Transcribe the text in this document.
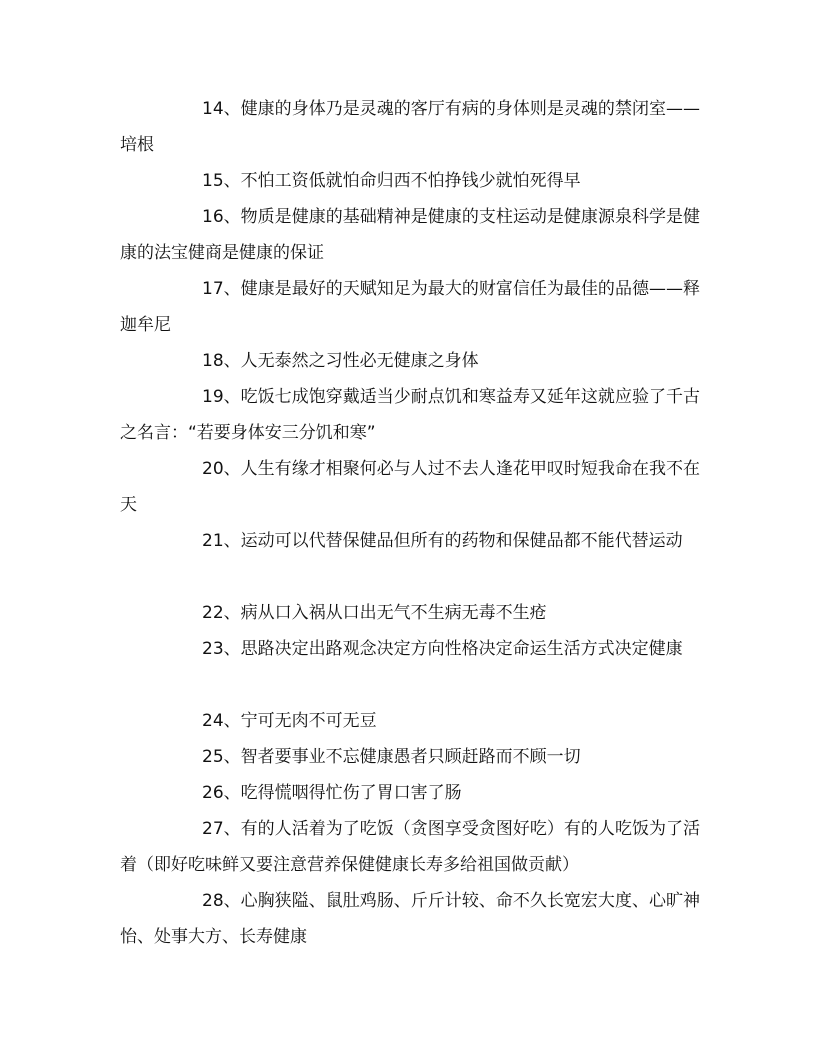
14、健康的身体乃是灵魂的客厅有病的身体则是灵魂的禁闭室——培根

15、不怕工资低就怕命归西不怕挣钱少就怕死得早

16、物质是健康的基础精神是健康的支柱运动是健康源泉科学是健康的法宝健商是健康的保证

17、健康是最好的天赋知足为最大的财富信任为最佳的品德——释迦牟尼

18、人无泰然之习性必无健康之身体

19、吃饭七成饱穿戴适当少耐点饥和寒益寿又延年这就应验了千古之名言：“若要身体安三分饥和寒”

20、人生有缘才相聚何必与人过不去人逢花甲叹时短我命在我不在天

21、运动可以代替保健品但所有的药物和保健品都不能代替运动

22、病从口入祸从口出无气不生病无毒不生疮

23、思路决定出路观念决定方向性格决定命运生活方式决定健康

24、宁可无肉不可无豆

25、智者要事业不忘健康愚者只顾赶路而不顾一切

26、吃得慌咽得忙伤了胃口害了肠

27、有的人活着为了吃饭（贪图享受贪图好吃）有的人吃饭为了活着（即好吃味鲜又要注意营养保健健康长寿多给祖国做贡献）

28、心胸狭隘、鼠肚鸡肠、斤斤计较、命不久长宽宏大度、心旷神怡、处事大方、长寿健康
